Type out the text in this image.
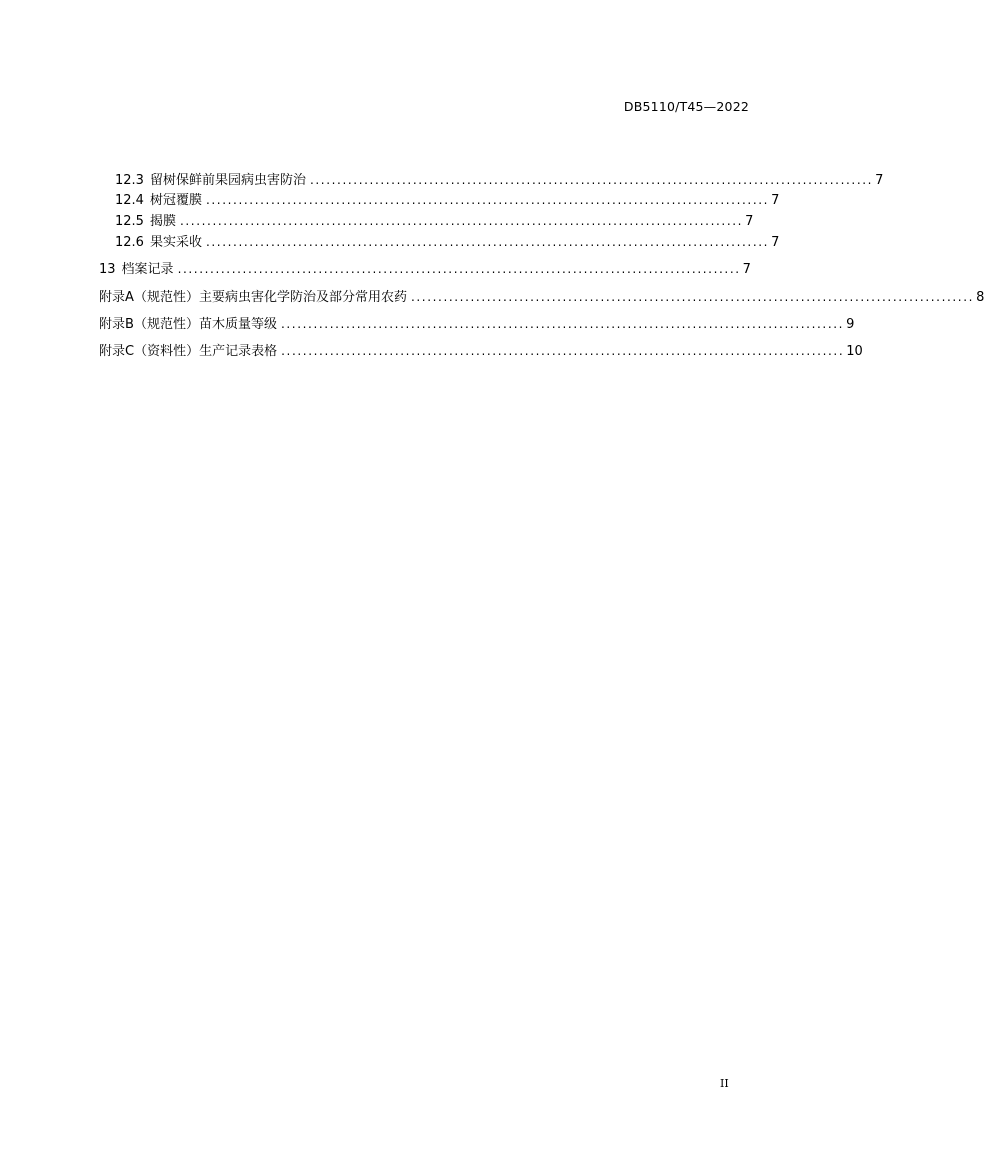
DB5110/T45—2022
12.3 留树保鲜前果园病虫害防治 ........................................................................................................ 7
12.4 树冠覆膜 ........................................................................................................ 7
12.5 揭膜 ........................................................................................................ 7
12.6 果实采收 ........................................................................................................ 7
13 档案记录 ........................................................................................................ 7
附 录 A （规范性）主要病虫害化学防治及部分常用农药 ........................................................................................................ 8
附 录 B （规范性）苗木质量等级 ........................................................................................................ 9
附 录 C （资料性）生产记录表格 ........................................................................................................ 10
II
